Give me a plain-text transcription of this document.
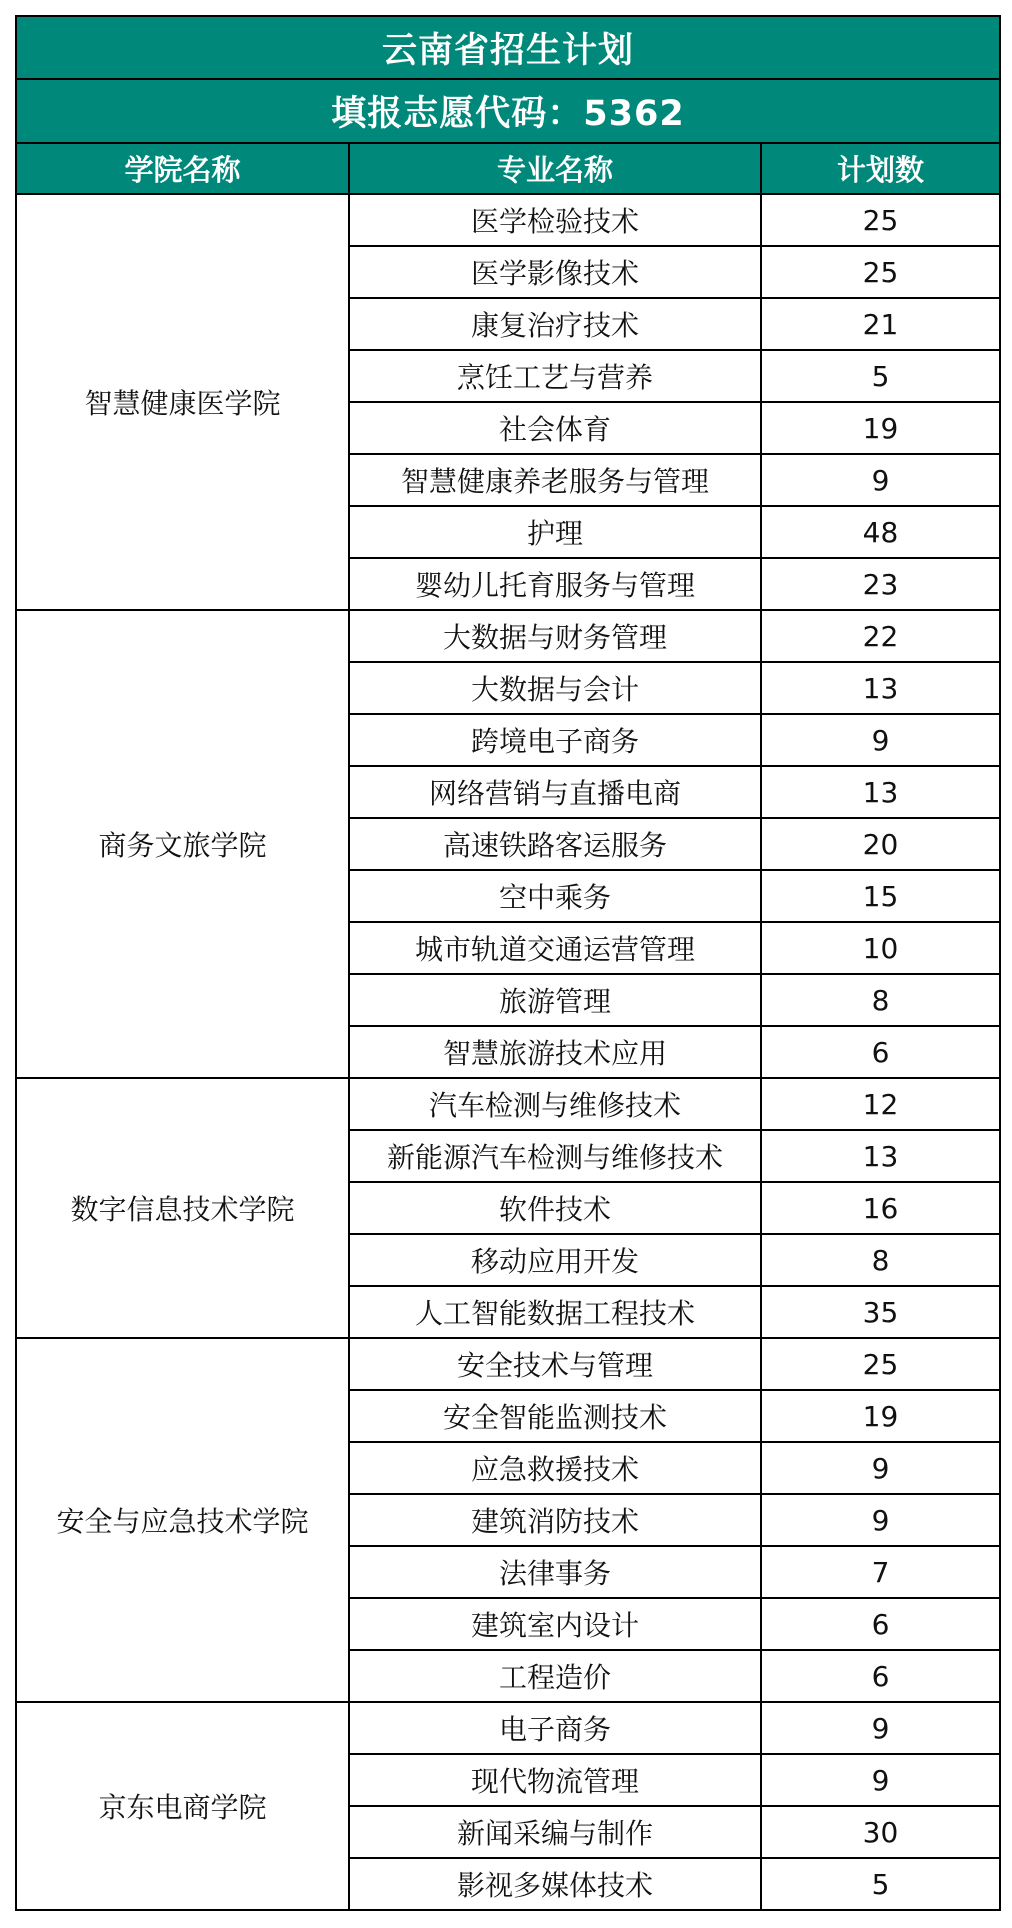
云南省招生计划		
填报志愿代码：5362		
学院名称	专业名称	计划数
智慧健康医学院	医学检验技术	25
	医学影像技术	25
	康复治疗技术	21
	烹饪工艺与营养	5
	社会体育	19
	智慧健康养老服务与管理	9
	护理	48
	婴幼儿托育服务与管理	23
商务文旅学院	大数据与财务管理	22
	大数据与会计	13
	跨境电子商务	9
	网络营销与直播电商	13
	高速铁路客运服务	20
	空中乘务	15
	城市轨道交通运营管理	10
	旅游管理	8
	智慧旅游技术应用	6
数字信息技术学院	汽车检测与维修技术	12
	新能源汽车检测与维修技术	13
	软件技术	16
	移动应用开发	8
	人工智能数据工程技术	35
安全与应急技术学院	安全技术与管理	25
	安全智能监测技术	19
	应急救援技术	9
	建筑消防技术	9
	法律事务	7
	建筑室内设计	6
	工程造价	6
京东电商学院	电子商务	9
	现代物流管理	9
	新闻采编与制作	30
	影视多媒体技术	5
